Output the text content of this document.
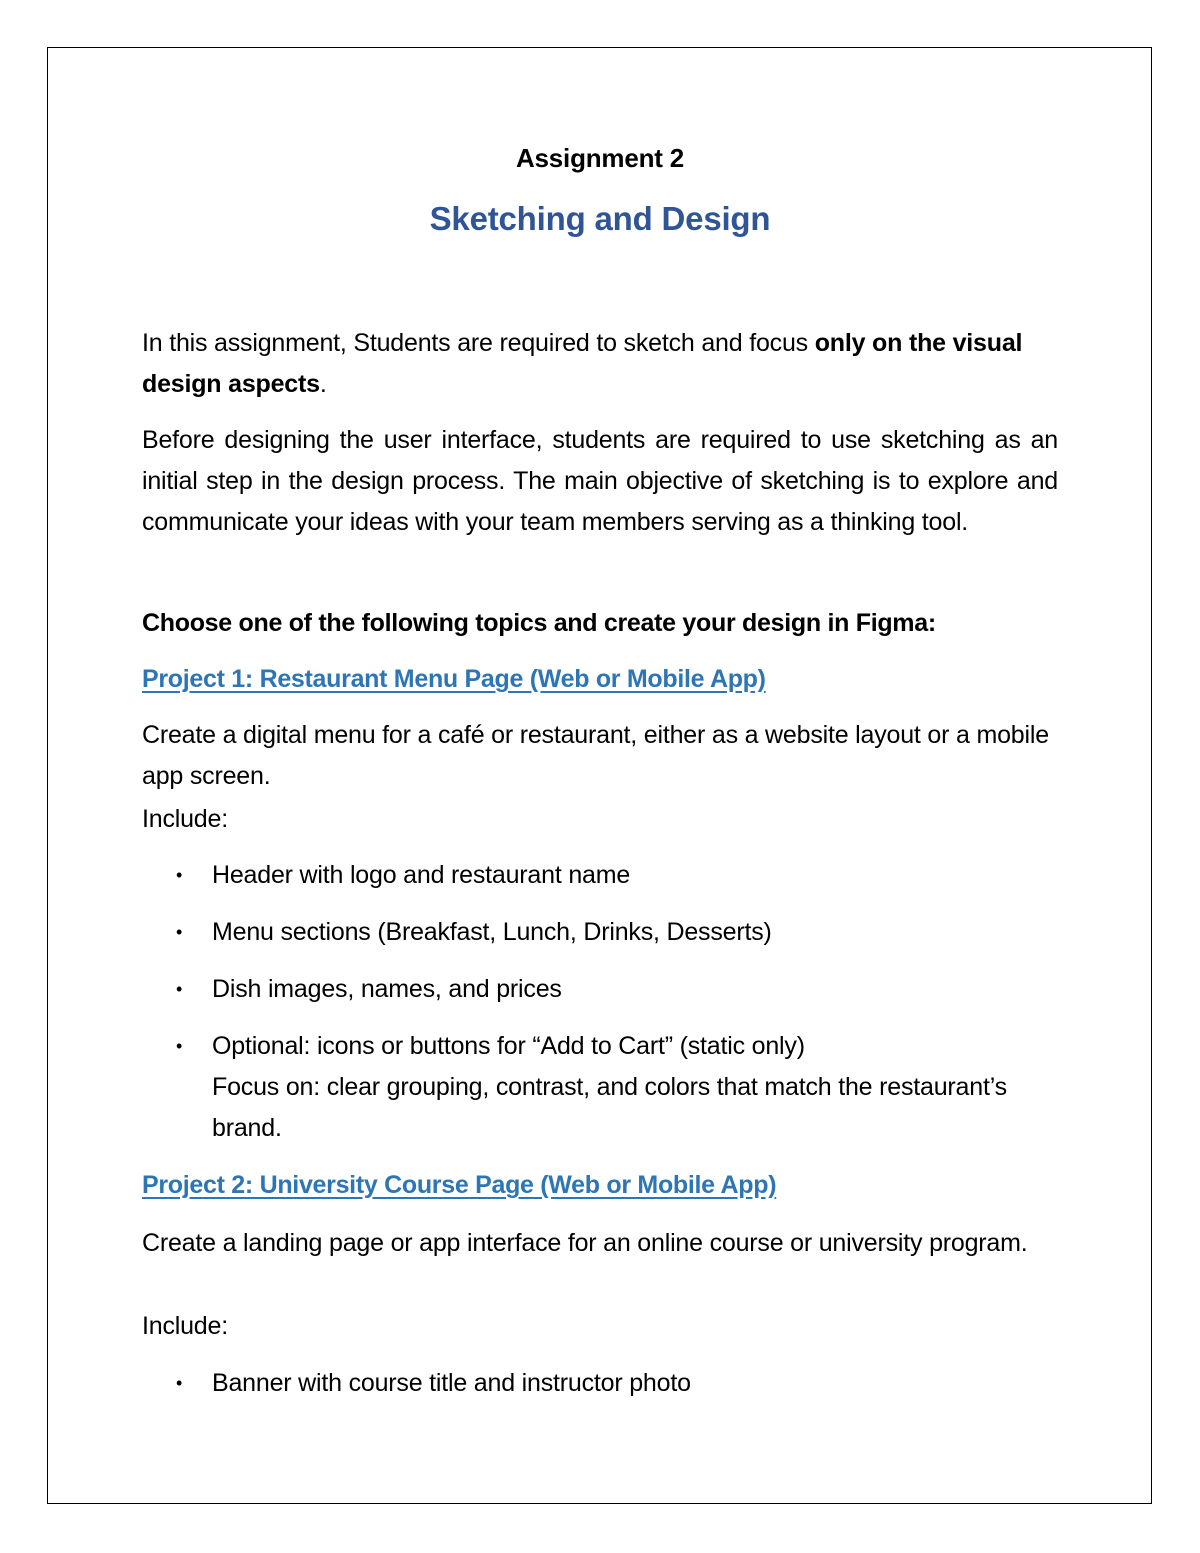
Assignment 2
Sketching and Design
In this assignment, Students are required to sketch and focus only on the visual design aspects.
Before designing the user interface, students are required to use sketching as an initial step in the design process. The main objective of sketching is to explore and communicate your ideas with your team members serving as a thinking tool.
Choose one of the following topics and create your design in Figma:
Project 1: Restaurant Menu Page (Web or Mobile App)
Create a digital menu for a café or restaurant, either as a website layout or a mobile app screen.
Include:
• Header with logo and restaurant name
• Menu sections (Breakfast, Lunch, Drinks, Desserts)
• Dish images, names, and prices
• Optional: icons or buttons for “Add to Cart” (static only)
Focus on: clear grouping, contrast, and colors that match the restaurant’s brand.
Project 2: University Course Page (Web or Mobile App)
Create a landing page or app interface for an online course or university program.
Include:
• Banner with course title and instructor photo
